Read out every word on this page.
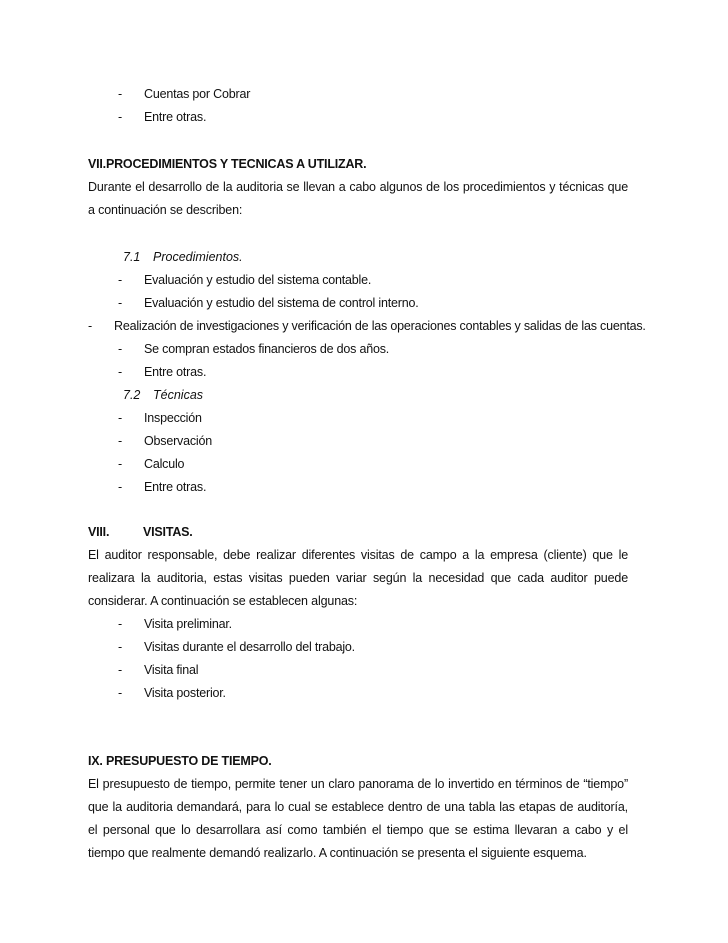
-	Cuentas por Cobrar
-	Entre otras.
VII.PROCEDIMIENTOS Y TECNICAS A UTILIZAR.
Durante el desarrollo de la auditoria se llevan a cabo algunos de los procedimientos y técnicas que a continuación se describen:
7.1	Procedimientos.
-	Evaluación y estudio del sistema contable.
-	Evaluación y estudio del sistema de control interno.
-	Realización de investigaciones y verificación de las operaciones contables y salidas de las cuentas.
-	Se compran estados financieros de dos años.
-	Entre otras.
7.2	Técnicas
-	Inspección
-	Observación
-	Calculo
-	Entre otras.
VIII.	VISITAS.
El auditor responsable, debe realizar diferentes visitas de campo a la empresa (cliente) que le realizara la auditoria, estas visitas pueden variar según la necesidad que cada auditor puede considerar. A continuación se establecen algunas:
-	Visita preliminar.
-	Visitas durante el desarrollo del trabajo.
-	Visita final
-	Visita posterior.
IX. PRESUPUESTO DE TIEMPO.
El presupuesto de tiempo, permite tener un claro panorama de lo invertido en términos de “tiempo” que la auditoria demandará, para lo cual se establece dentro de una tabla las etapas de auditoría, el personal que lo desarrollara así como también el tiempo que se estima llevaran a cabo y el tiempo que realmente demandó realizarlo. A continuación se presenta el siguiente esquema.
